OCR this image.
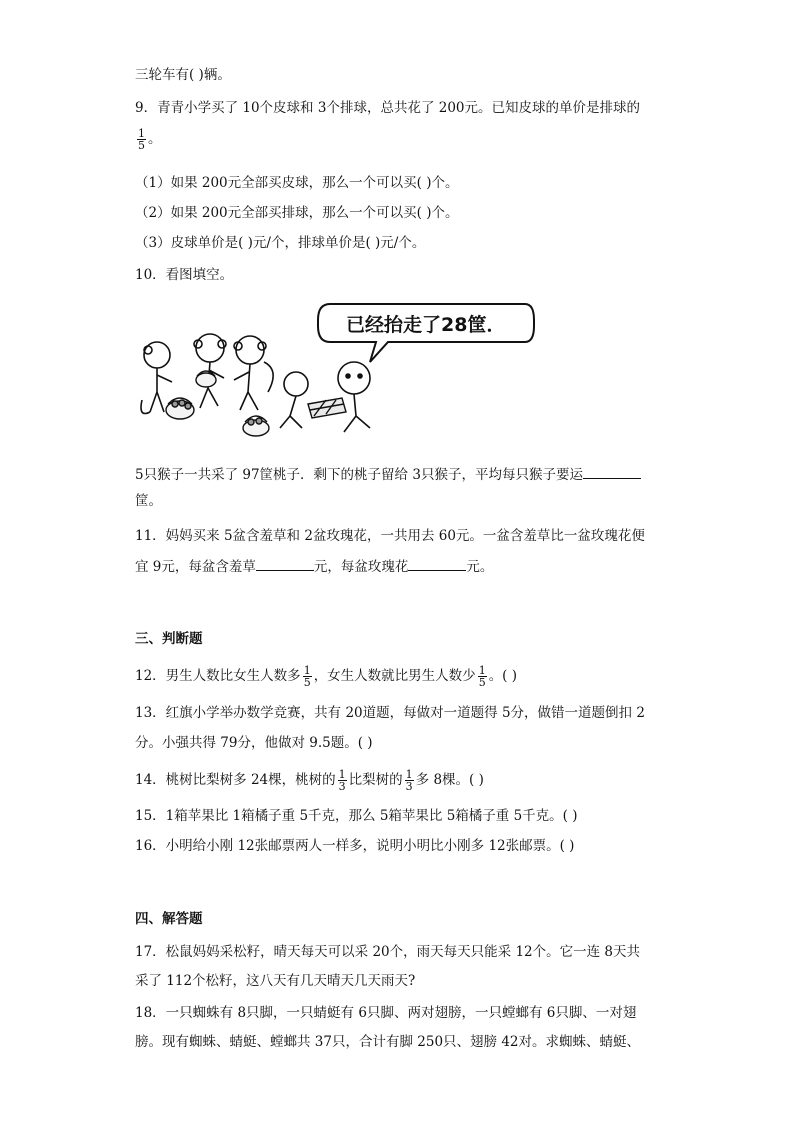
三轮车有( )辆。
9．青青小学买了 10个皮球和 3个排球，总共花了 200元。已知皮球的单价是排球的
$\frac{1}{5}$ 。
（1）如果 200元全部买皮球，那么一个可以买( )个。
（2）如果 200元全部买排球，那么一个可以买( )个。
（3）皮球单价是( )元/个，排球单价是( )元/个。
10．看图填空。
已经抬走了28筐．
5只猴子一共采了 97筐桃子．剩下的桃子留给 3只猴子，平均每只猴子要运
筐。
11．妈妈买来 5盆含羞草和 2盆玫瑰花，一共用去 60元。一盆含羞草比一盆玫瑰花便
宜 9元，每盆含羞草	元，每盆玫瑰花	元。
三、判断题
12．男生人数比女生人数多 $\frac{1}{5}$ ，女生人数就比男生人数少 $\frac{1}{5}$ 。( )
13．红旗小学举办数学竞赛，共有 20道题，每做对一道题得 5分，做错一道题倒扣 2
分。小强共得 79分，他做对 9.5题。( )
14．桃树比梨树多 24棵，桃树的 $\frac{1}{3}$ 比梨树的 $\frac{1}{3}$ 多 8棵。( )
15．1箱苹果比 1箱橘子重 5千克，那么 5箱苹果比 5箱橘子重 5千克。( )
16．小明给小刚 12张邮票两人一样多，说明小明比小刚多 12张邮票。( )
四、解答题
17．松鼠妈妈采松籽，晴天每天可以采 20个，雨天每天只能采 12个。它一连 8天共
采了 112个松籽，这八天有几天晴天几天雨天?
18．一只蜘蛛有 8只脚，一只蜻蜓有 6只脚、两对翅膀，一只螳螂有 6只脚、一对翅
膀。现有蜘蛛、蜻蜓、螳螂共 37只，合计有脚 250只、翅膀 42对。求蜘蛛、蜻蜓、
